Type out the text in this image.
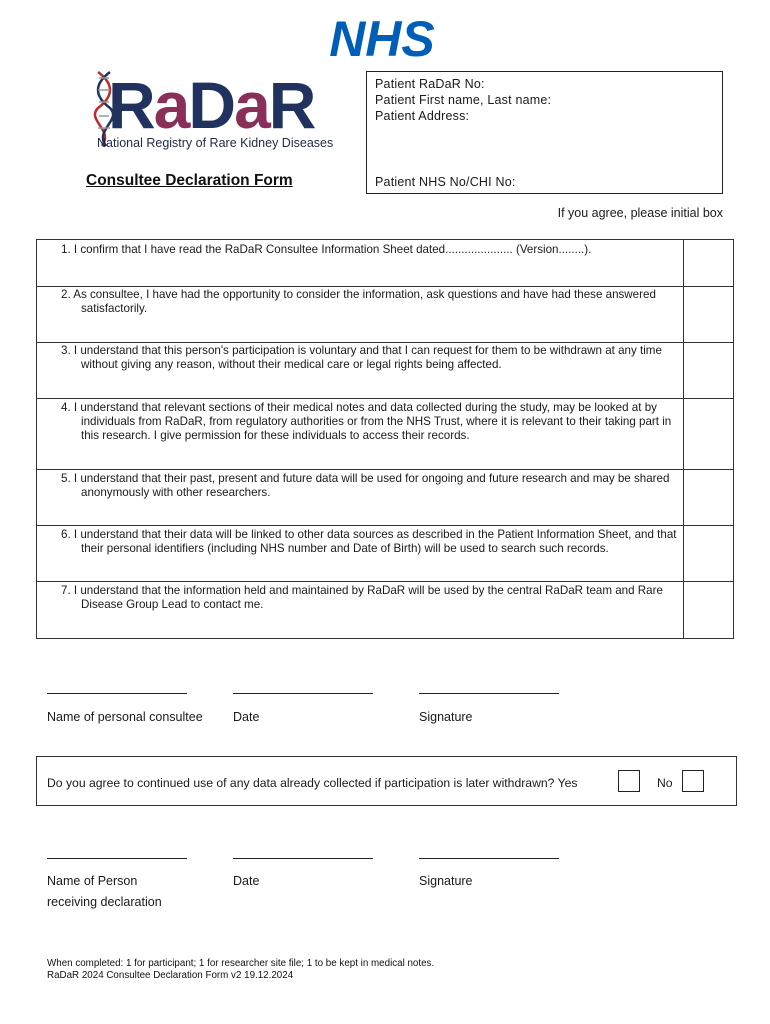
NHS
RaDaR
National Registry of Rare Kidney Diseases
Consultee Declaration Form
Patient RaDaR No:
Patient First name, Last name:
Patient Address:
Patient NHS No/CHI No:
If you agree, please initial box
1. I confirm that I have read the RaDaR Consultee Information Sheet dated..................... (Version........).
2. As consultee, I have had the opportunity to consider the information, ask questions and have had these answered satisfactorily.
3. I understand that this person's participation is voluntary and that I can request for them to be withdrawn at any time without giving any reason, without their medical care or legal rights being affected.
4. I understand that relevant sections of their medical notes and data collected during the study, may be looked at by individuals from RaDaR, from regulatory authorities or from the NHS Trust, where it is relevant to their taking part in this research. I give permission for these individuals to access their records.
5. I understand that their past, present and future data will be used for ongoing and future research and may be shared anonymously with other researchers.
6. I understand that their data will be linked to other data sources as described in the Patient Information Sheet, and that their personal identifiers (including NHS number and Date of Birth) will be used to search such records.
7. I understand that the information held and maintained by RaDaR will be used by the central RaDaR team and Rare Disease Group Lead to contact me.
Name of personal consultee Date	Signature
Do you agree to continued use of any data already collected if participation is later withdrawn? Yes	No
Name of Person
receiving declaration
Date	Signature
When completed: 1 for participant; 1 for researcher site file; 1 to be kept in medical notes.
RaDaR 2024 Consultee Declaration Form v2 19.12.2024
